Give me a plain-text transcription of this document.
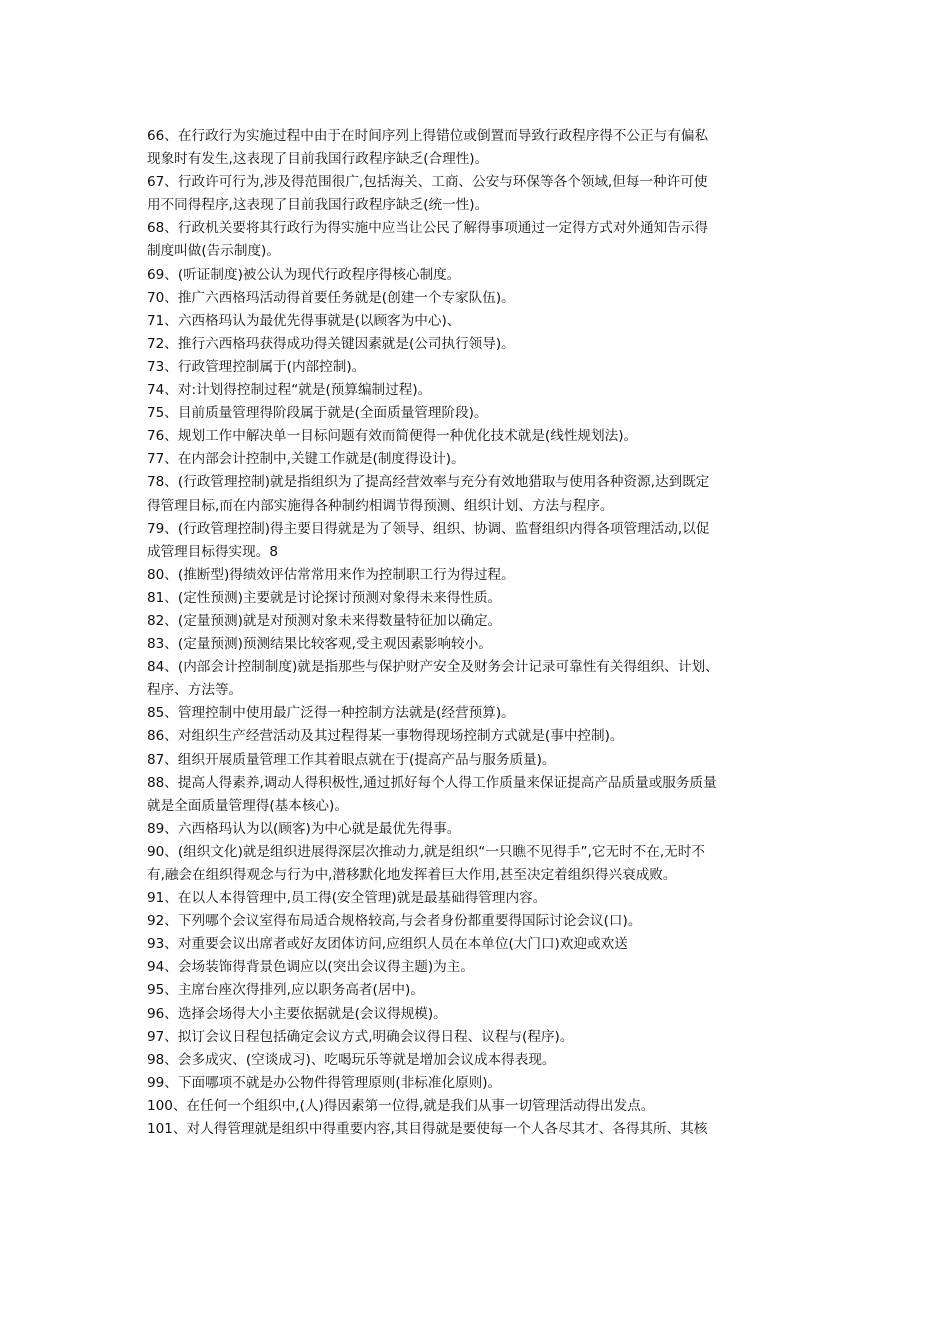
66、在行政行为实施过程中由于在时间序列上得错位或倒置而导致行政程序得不公正与有偏私
现象时有发生,这表现了目前我国行政程序缺乏(合理性)。
67、行政许可行为,涉及得范围很广,包括海关、工商、公安与环保等各个领域,但每一种许可使
用不同得程序,这表现了目前我国行政程序缺乏(统一性)。
68、行政机关要将其行政行为得实施中应当让公民了解得事项通过一定得方式对外通知告示得
制度叫做(告示制度)。
69、(听证制度)被公认为现代行政程序得核心制度。
70、推广六西格玛活动得首要任务就是(创建一个专家队伍)。
71、六西格玛认为最优先得事就是(以顾客为中心)、
72、推行六西格玛获得成功得关键因素就是(公司执行领导)。
73、行政管理控制属于(内部控制)。
74、对:计划得控制过程“就是(预算编制过程)。
75、目前质量管理得阶段属于就是(全面质量管理阶段)。
76、规划工作中解决单一目标问题有效而简便得一种优化技术就是(线性规划法)。
77、在内部会计控制中,关键工作就是(制度得设计)。
78、(行政管理控制)就是指组织为了提高经营效率与充分有效地猎取与使用各种资源,达到既定
得管理目标,而在内部实施得各种制约相调节得预测、组织计划、方法与程序。
79、(行政管理控制)得主要目得就是为了领导、组织、协调、监督组织内得各项管理活动,以促
成管理目标得实现。8
80、(推断型)得绩效评估常常用来作为控制职工行为得过程。
81、(定性预测)主要就是讨论探讨预测对象得未来得性质。
82、(定量预测)就是对预测对象未来得数量特征加以确定。
83、(定量预测)预测结果比较客观,受主观因素影响较小。
84、(内部会计控制制度)就是指那些与保护财产安全及财务会计记录可靠性有关得组织、计划、
程序、方法等。
85、管理控制中使用最广泛得一种控制方法就是(经营预算)。
86、对组织生产经营活动及其过程得某一事物得现场控制方式就是(事中控制)。
87、组织开展质量管理工作其着眼点就在于(提高产品与服务质量)。
88、提高人得素养,调动人得积极性,通过抓好每个人得工作质量来保证提高产品质量或服务质量
就是全面质量管理得(基本核心)。
89、六西格玛认为以(顾客)为中心就是最优先得事。
90、(组织文化)就是组织进展得深层次推动力,就是组织“一只瞧不见得手”,它无时不在,无时不
有,融会在组织得观念与行为中,潜移默化地发挥着巨大作用,甚至决定着组织得兴衰成败。
91、在以人本得管理中,员工得(安全管理)就是最基础得管理内容。
92、下列哪个会议室得布局适合规格较高,与会者身份都重要得国际讨论会议(口)。
93、对重要会议出席者或好友团体访问,应组织人员在本单位(大门口)欢迎或欢送
94、会场装饰得背景色调应以(突出会议得主题)为主。
95、主席台座次得排列,应以职务高者(居中)。
96、选择会场得大小主要依据就是(会议得规模)。
97、拟订会议日程包括确定会议方式,明确会议得日程、议程与(程序)。
98、会多成灾、(空谈成习)、吃喝玩乐等就是增加会议成本得表现。
99、下面哪项不就是办公物件得管理原则(非标准化原则)。
100、在任何一个组织中,(人)得因素第一位得,就是我们从事一切管理活动得出发点。
101、对人得管理就是组织中得重要内容,其目得就是要使每一个人各尽其才、各得其所、其核
